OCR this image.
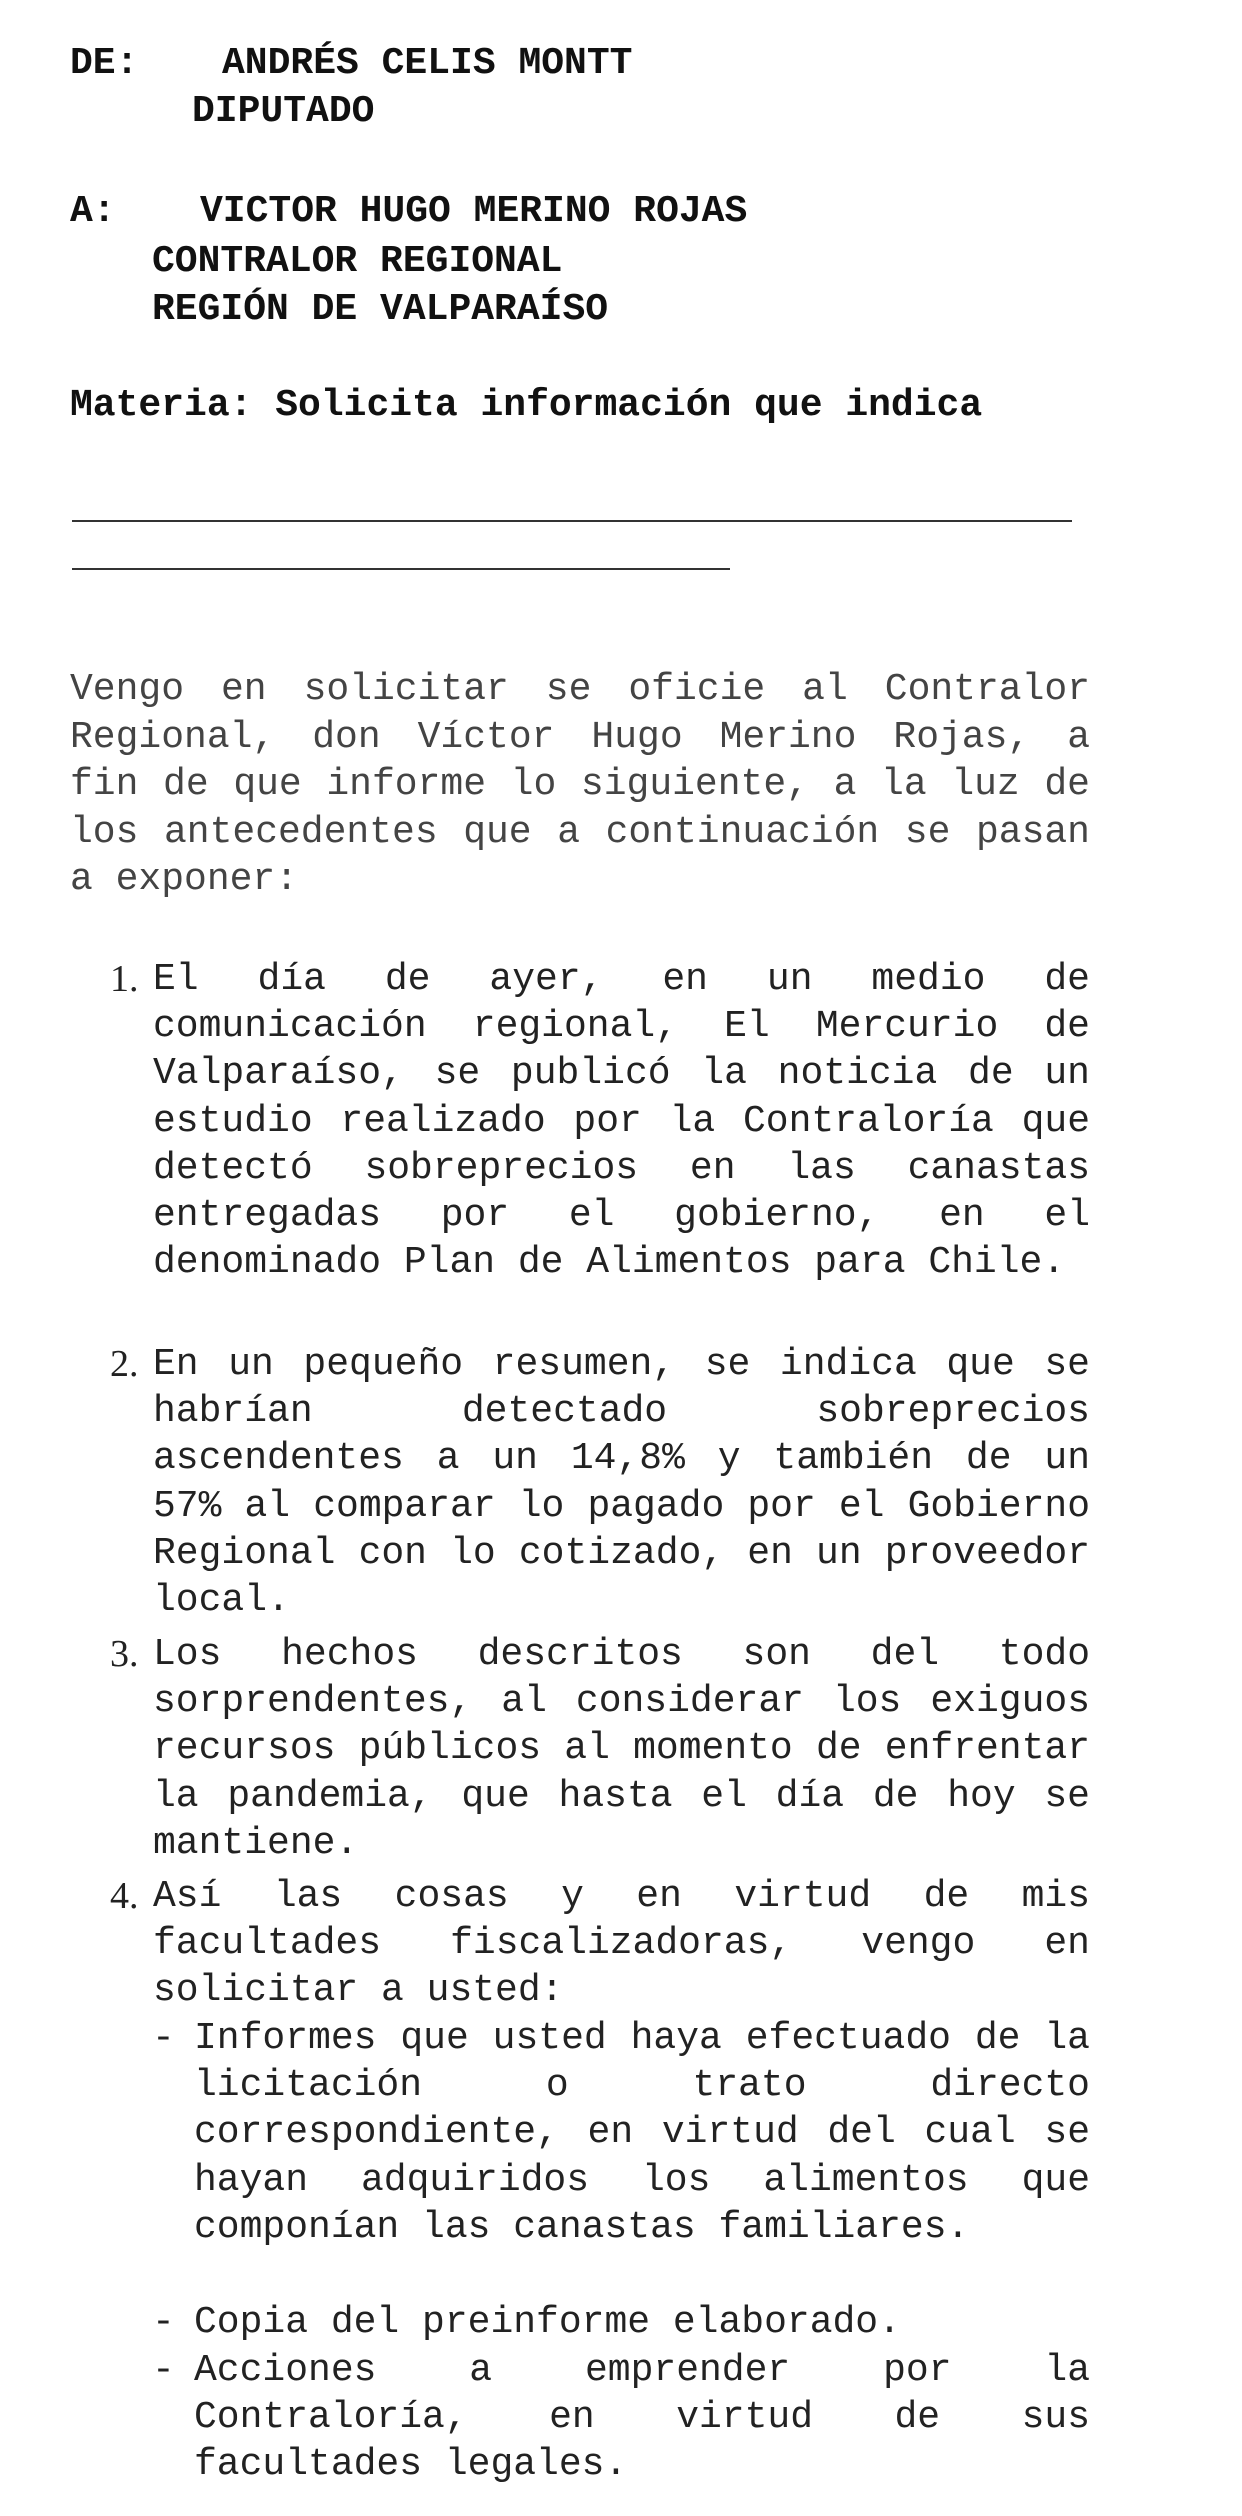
DE: ANDRÉS CELIS MONTT
DIPUTADO
A: VICTOR HUGO MERINO ROJAS
CONTRALOR REGIONAL
REGIÓN DE VALPARAÍSO
Materia: Solicita información que indica
Vengo en solicitar se oficie al Contralor Regional, don Víctor Hugo Merino Rojas, a fin de que informe lo siguiente, a la luz de los antecedentes que a continuación se pasan a exponer:
1. El día de ayer, en un medio de comunicación regional, El Mercurio de Valparaíso, se publicó la noticia de un estudio realizado por la Contraloría que detectó sobreprecios en las canastas entregadas por el gobierno, en el denominado Plan de Alimentos para Chile.
2. En un pequeño resumen, se indica que se habrían detectado sobreprecios ascendentes a un 14,8% y también de un 57% al comparar lo pagado por el Gobierno Regional con lo cotizado, en un proveedor local.
3. Los hechos descritos son del todo sorprendentes, al considerar los exiguos recursos públicos al momento de enfrentar la pandemia, que hasta el día de hoy se mantiene.
4. Así las cosas y en virtud de mis facultades fiscalizadoras, vengo en solicitar a usted:
- Informes que usted haya efectuado de la licitación o trato directo correspondiente, en virtud del cual se hayan adquiridos los alimentos que componían las canastas familiares.
- Copia del preinforme elaborado.
- Acciones a emprender por la Contraloría, en virtud de sus facultades legales.
